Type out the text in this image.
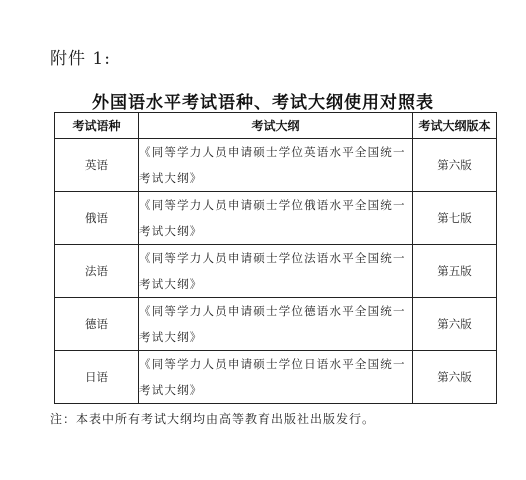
附件 1:
外国语水平考试语种、考试大纲使用对照表
考试语种	考试大纲	考试大纲版本
英语	《同等学力人员申请硕士学位英语水平全国统一考试大纲》	第六版
俄语	《同等学力人员申请硕士学位俄语水平全国统一考试大纲》	第七版
法语	《同等学力人员申请硕士学位法语水平全国统一考试大纲》	第五版
德语	《同等学力人员申请硕士学位德语水平全国统一考试大纲》	第六版
日语	《同等学力人员申请硕士学位日语水平全国统一考试大纲》	第六版
注：本表中所有考试大纲均由高等教育出版社出版发行。
